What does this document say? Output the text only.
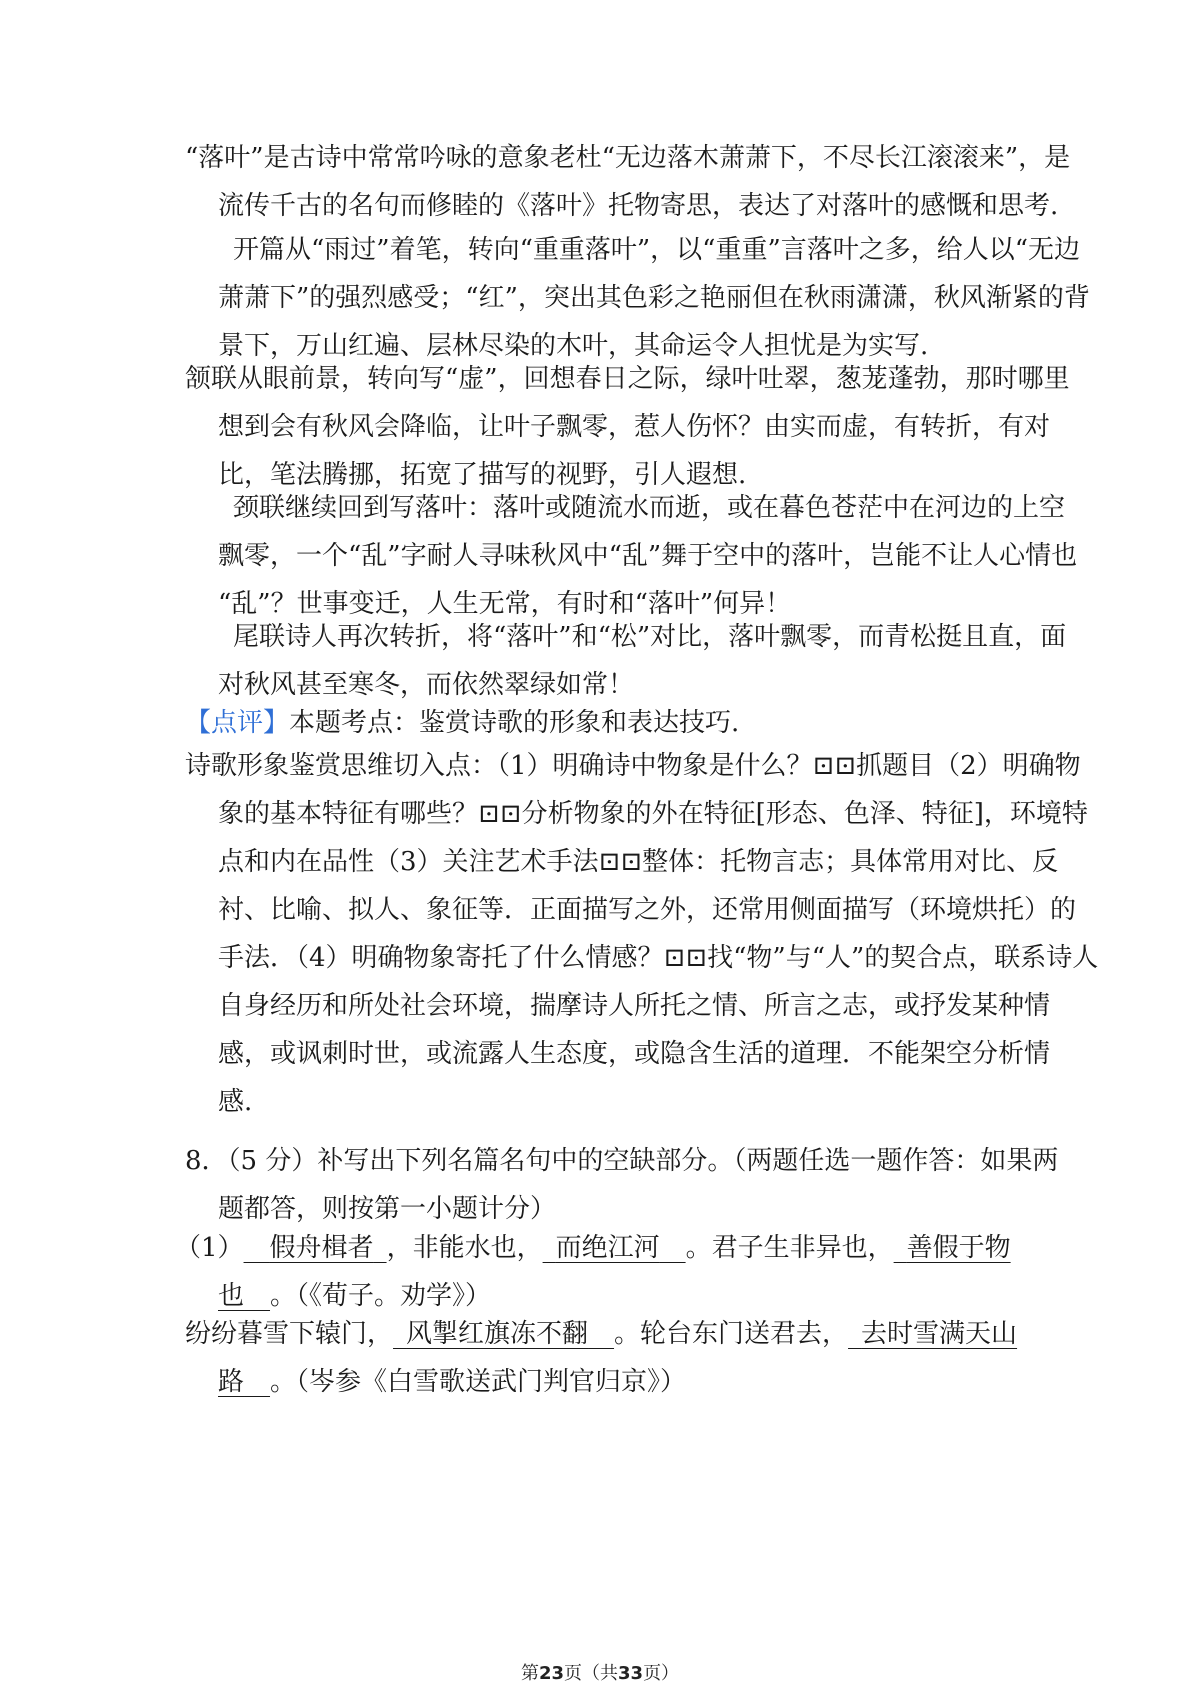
“落叶”是古诗中常常吟咏的意象老杜“无边落木萧萧下，不尽长江滚滚来”，是
流传千古的名句而修睦的《落叶》托物寄思，表达了对落叶的感慨和思考.
开篇从“雨过”着笔，转向“重重落叶”，以“重重”言落叶之多，给人以“无边
萧萧下”的强烈感受；“红”，突出其色彩之艳丽但在秋雨潇潇，秋风渐紧的背
景下，万山红遍、层林尽染的木叶，其命运令人担忧是为实写.
颔联从眼前景，转向写“虚”，回想春日之际，绿叶吐翠，葱茏蓬勃，那时哪里
想到会有秋风会降临，让叶子飘零，惹人伤怀？由实而虚，有转折，有对
比，笔法腾挪，拓宽了描写的视野，引人遐想.
颈联继续回到写落叶：落叶或随流水而逝，或在暮色苍茫中在河边的上空
飘零，一个“乱”字耐人寻味秋风中“乱”舞于空中的落叶，岂能不让人心情也
“乱”？世事变迁，人生无常，有时和“落叶”何异！
尾联诗人再次转折，将“落叶”和“松”对比，落叶飘零，而青松挺且直，面
对秋风甚至寒冬，而依然翠绿如常！
【点评】本题考点：鉴赏诗歌的形象和表达技巧.
诗歌形象鉴赏思维切入点：（1）明确诗中物象是什么？⊡⊡抓题目（2）明确物
象的基本特征有哪些？⊡⊡分析物象的外在特征[形态、色泽、特征]，环境特
点和内在品性（3）关注艺术手法⊡⊡整体：托物言志；具体常用对比、反
衬、比喻、拟人、象征等．正面描写之外，还常用侧面描写（环境烘托）的
手法．（4）明确物象寄托了什么情感？⊡⊡找“物”与“人”的契合点，联系诗人
自身经历和所处社会环境，揣摩诗人所托之情、所言之志，或抒发某种情
感，或讽刺时世，或流露人生态度，或隐含生活的道理．不能架空分析情
感.
8．（5 分）补写出下列名篇名句中的空缺部分。（两题任选一题作答：如果两
题都答，则按第一小题计分）
（1）  假舟楫者  ，非能水也，  而绝江河  。君子生非异也，  善假于物
也  。（《荀子。劝学》）
纷纷暮雪下辕门，  风掣红旗冻不翻   。轮台东门送君去，  去时雪满天山
路   。（岑参《白雪歌送武门判官归京》）
第23页（共33页）
